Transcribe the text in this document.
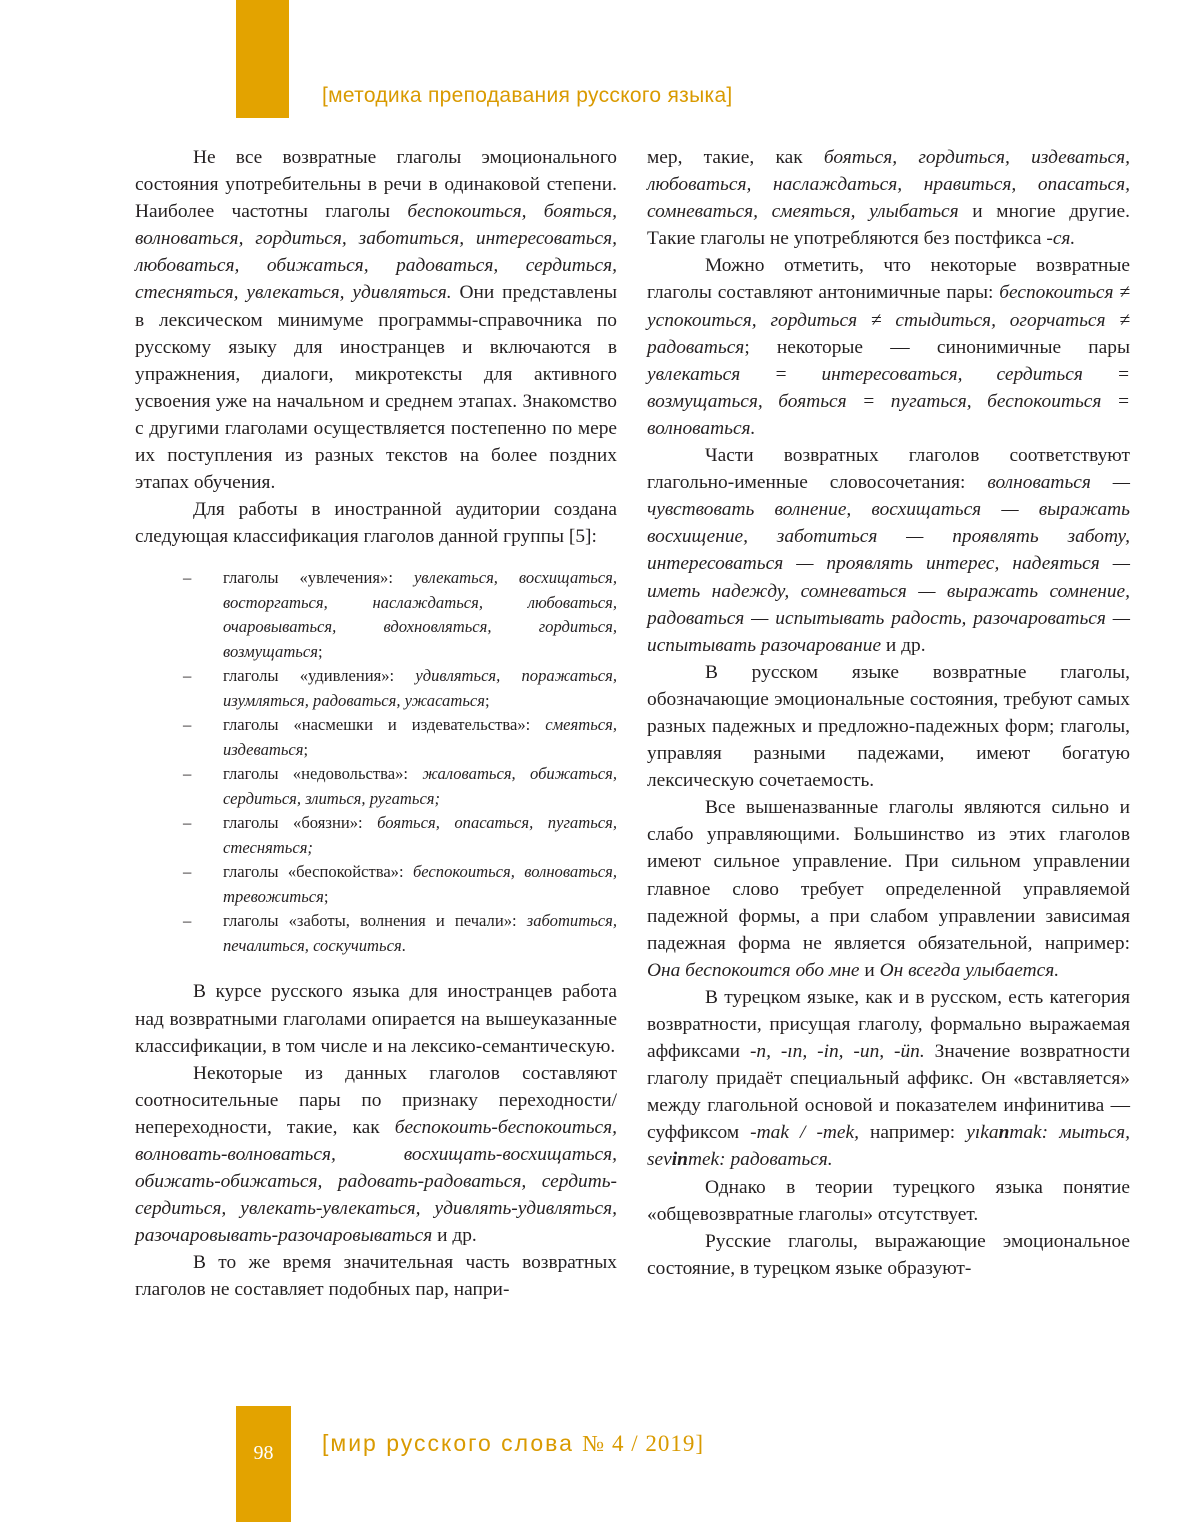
[методика преподавания русского языка]

Не все возвратные глаголы эмоционального состояния употребительны в речи в одинаковой степени. Наиболее частотны глаголы беспокоиться, бояться, волноваться, гордиться, заботиться, интересоваться, любоваться, обижаться, радоваться, сердиться, стесняться, увлекаться, удивляться. Они представлены в лексическом минимуме программы-справочника по русскому языку для иностранцев и включаются в упражнения, диалоги, микротексты для активного усвоения уже на начальном и среднем этапах. Знакомство с другими глаголами осуществляется постепенно по мере их поступления из разных текстов на более поздних этапах обучения.

Для работы в иностранной аудитории создана следующая классификация глаголов данной группы [5]:

– глаголы «увлечения»: увлекаться, восхищаться, восторгаться, наслаждаться, любоваться, очаровываться, вдохновляться, гордиться, возмущаться;
– глаголы «удивления»: удивляться, поражаться, изумляться, радоваться, ужасаться;
– глаголы «насмешки и издевательства»: смеяться, издеваться;
– глаголы «недовольства»: жаловаться, обижаться, сердиться, злиться, ругаться;
– глаголы «боязни»: бояться, опасаться, пугаться, стесняться;
– глаголы «беспокойства»: беспокоиться, волноваться, тревожиться;
– глаголы «заботы, волнения и печали»: заботиться, печалиться, соскучиться.

В курсе русского языка для иностранцев работа над возвратными глаголами опирается на вышеуказанные классификации, в том числе и на лексико-семантическую.

Некоторые из данных глаголов составляют соотносительные пары по признаку переходности/непереходности, такие, как беспокоить-беспокоиться, волновать-волноваться, восхищать-восхищаться, обижать-обижаться, радовать-радоваться, сердить-сердиться, увлекать-увлекаться, удивлять-удивляться, разочаровывать-разочаровываться и др.

В то же время значительная часть возвратных глаголов не составляет подобных пар, напри-

мер, такие, как бояться, гордиться, издеваться, любоваться, наслаждаться, нравиться, опасаться, сомневаться, смеяться, улыбаться и многие другие. Такие глаголы не употребляются без постфикса -ся.

Можно отметить, что некоторые возвратные глаголы составляют антонимичные пары: беспокоиться ≠ успокоиться, гордиться ≠ стыдиться, огорчаться ≠ радоваться; некоторые — синонимичные пары увлекаться = интересоваться, сердиться = возмущаться, бояться = пугаться, беспокоиться = волноваться.

Части возвратных глаголов соответствуют глагольно-именные словосочетания: волноваться — чувствовать волнение, восхищаться — выражать восхищение, заботиться — проявлять заботу, интересоваться — проявлять интерес, надеяться — иметь надежду, сомневаться — выражать сомнение, радоваться — испытывать радость, разочароваться — испытывать разочарование и др.

В русском языке возвратные глаголы, обозначающие эмоциональные состояния, требуют самых разных падежных и предложно-падежных форм; глаголы, управляя разными падежами, имеют богатую лексическую сочетаемость.

Все вышеназванные глаголы являются сильно и слабо управляющими. Большинство из этих глаголов имеют сильное управление. При сильном управлении главное слово требует определенной управляемой падежной формы, а при слабом управлении зависимая падежная форма не является обязательной, например: Она беспокоится обо мне и Он всегда улыбается.

В турецком языке, как и в русском, есть категория возвратности, присущая глаголу, формально выражаемая аффиксами -n, -ın, -in, -un, -ün. Значение возвратности глаголу придаёт специальный аффикс. Он «вставляется» между глагольной основой и показателем инфинитива — суффиксом -mak / -mek, например: yıkanmak: мыться, sevinmek: радоваться.

Однако в теории турецкого языка понятие «общевозвратные глаголы» отсутствует.

Русские глаголы, выражающие эмоциональное состояние, в турецком языке образуют-

98	[мир русского слова № 4 / 2019]
